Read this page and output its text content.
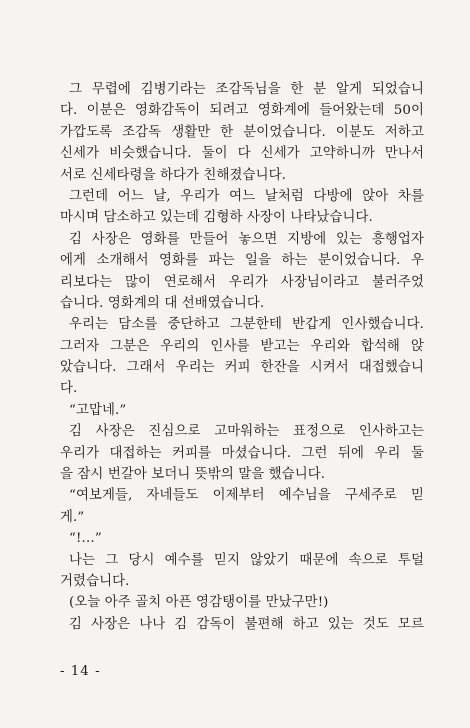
그 무렵에 김병기라는 조감독님을 한 분 알게 되었습니
다. 이분은 영화감독이 되려고 영화계에 들어왔는데 50이
가깝도록 조감독 생활만 한 분이었습니다. 이분도 저하고
신세가 비슷했습니다. 둘이 다 신세가 고약하니까 만나서
서로 신세타령을 하다가 친해졌습니다.
그런데 어느 날, 우리가 여느 날처럼 다방에 앉아 차를
마시며 담소하고 있는데 김형하 사장이 나타났습니다.
김 사장은 영화를 만들어 놓으면 지방에 있는 흥행업자
에게 소개해서 영화를 파는 일을 하는 분이었습니다. 우
리보다는 많이 연로해서 우리가 사장님이라고 불러주었
습니다. 영화계의 대 선배였습니다.
우리는 담소를 중단하고 그분한테 반갑게 인사했습니다.
그러자 그분은 우리의 인사를 받고는 우리와 합석해 앉
았습니다. 그래서 우리는 커피 한잔을 시켜서 대접했습니
다.
“고맙네.”
김 사장은 진심으로 고마워하는 표정으로 인사하고는
우리가 대접하는 커피를 마셨습니다. 그런 뒤에 우리 둘
을 잠시 번갈아 보더니 뜻밖의 말을 했습니다.
“여보게들, 자네들도 이제부터 예수님을 구세주로 믿
게.”
“!…”
나는 그 당시 예수를 믿지 않았기 때문에 속으로 투덜
거렸습니다.
(오늘 아주 골치 아픈 영감탱이를 만났구만!)
김 사장은 나나 김 감독이 불편해 하고 있는 것도 모르
- 14 -
